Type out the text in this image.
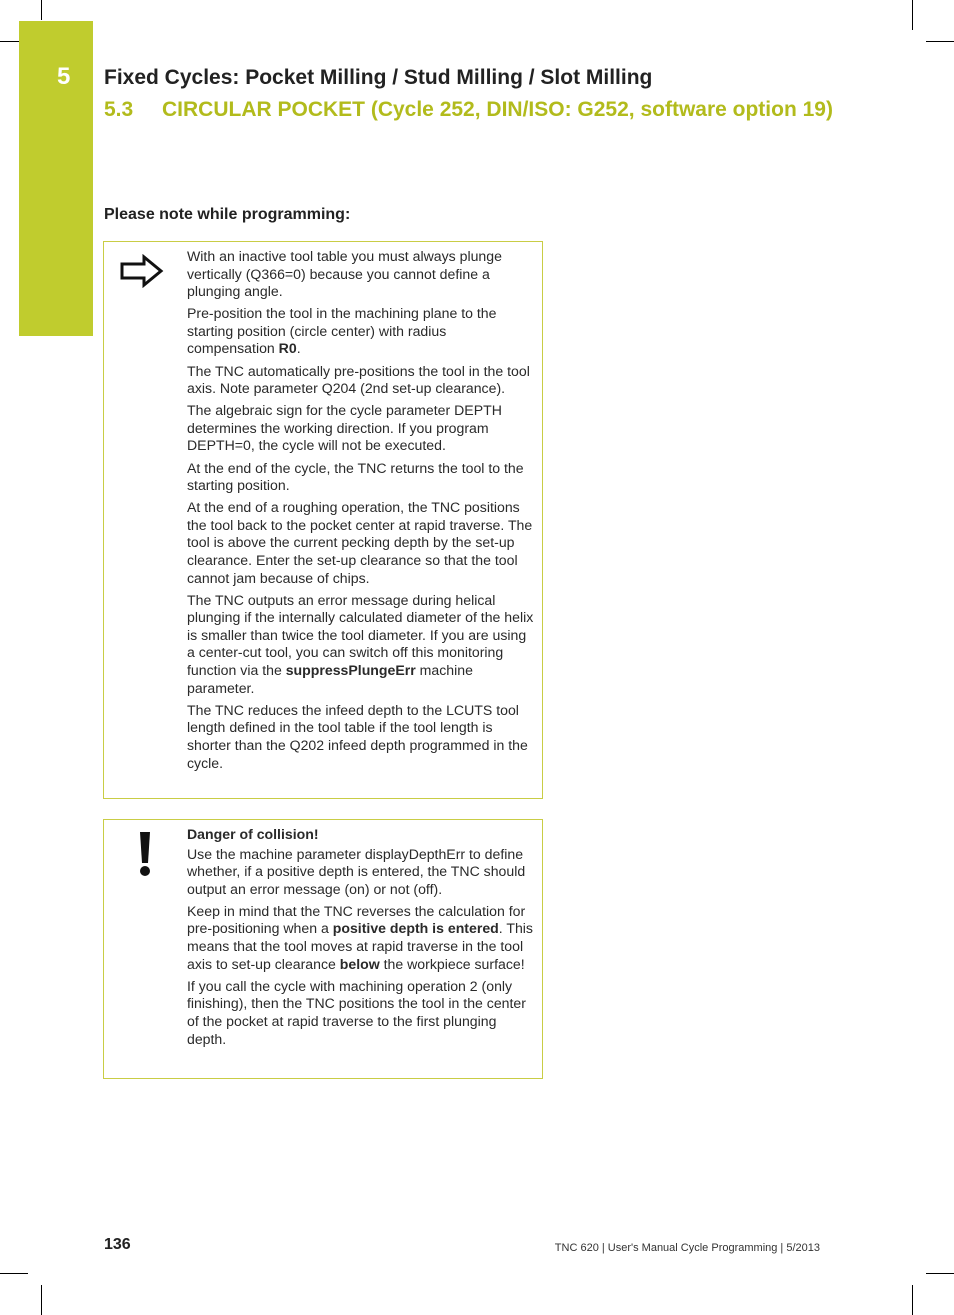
5 Fixed Cycles: Pocket Milling / Stud Milling / Slot Milling
5.3 CIRCULAR POCKET (Cycle 252, DIN/ISO: G252, software option 19)
Please note while programming:

With an inactive tool table you must always plunge vertically (Q366=0) because you cannot define a plunging angle.

Pre-position the tool in the machining plane to the starting position (circle center) with radius compensation R0.

The TNC automatically pre-positions the tool in the tool axis. Note parameter Q204 (2nd set-up clearance).

The algebraic sign for the cycle parameter DEPTH determines the working direction. If you program DEPTH=0, the cycle will not be executed.

At the end of the cycle, the TNC returns the tool to the starting position.

At the end of a roughing operation, the TNC positions the tool back to the pocket center at rapid traverse. The tool is above the current pecking depth by the set-up clearance. Enter the set-up clearance so that the tool cannot jam because of chips.

The TNC outputs an error message during helical plunging if the internally calculated diameter of the helix is smaller than twice the tool diameter. If you are using a center-cut tool, you can switch off this monitoring function via the suppressPlungeErr machine parameter.

The TNC reduces the infeed depth to the LCUTS tool length defined in the tool table if the tool length is shorter than the Q202 infeed depth programmed in the cycle.

Danger of collision!

Use the machine parameter displayDepthErr to define whether, if a positive depth is entered, the TNC should output an error message (on) or not (off).

Keep in mind that the TNC reverses the calculation for pre-positioning when a positive depth is entered. This means that the tool moves at rapid traverse in the tool axis to set-up clearance below the workpiece surface!

If you call the cycle with machining operation 2 (only finishing), then the TNC positions the tool in the center of the pocket at rapid traverse to the first plunging depth.

136	TNC 620 | User's Manual Cycle Programming | 5/2013
